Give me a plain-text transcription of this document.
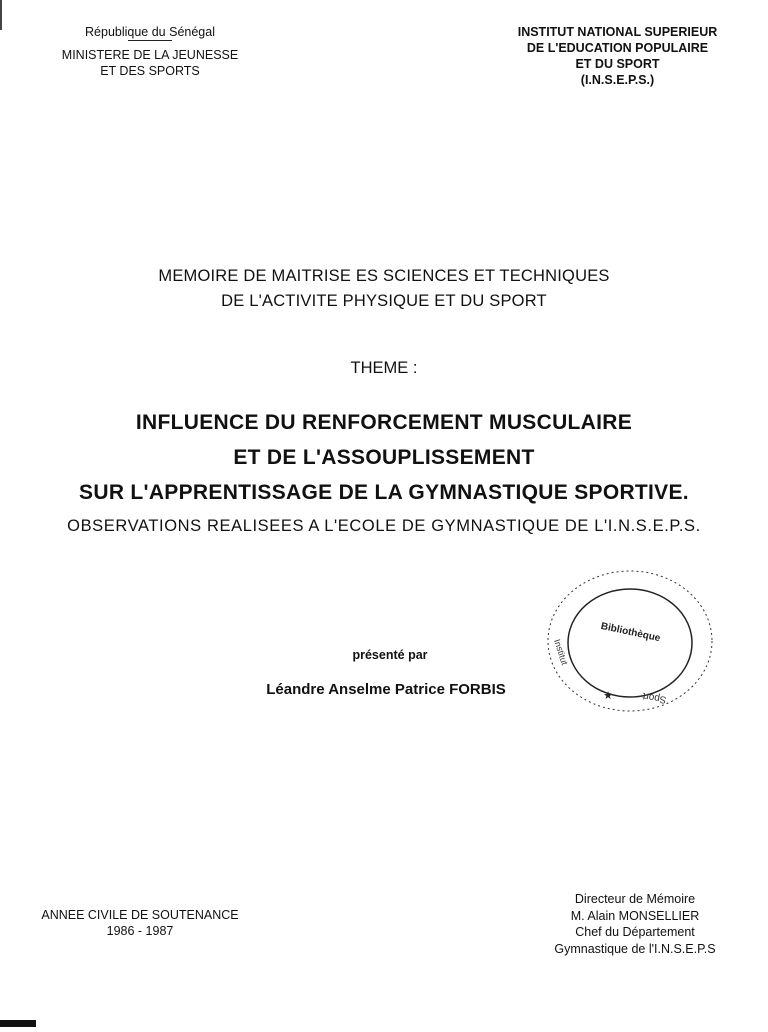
République du Sénégal
MINISTERE DE LA JEUNESSE
ET DES SPORTS
INSTITUT NATIONAL SUPERIEUR
DE L'EDUCATION POPULAIRE
ET DU SPORT
(I.N.S.E.P.S.)
MEMOIRE DE MAITRISE ES SCIENCES ET TECHNIQUES
DE L'ACTIVITE PHYSIQUE ET DU SPORT
THEME :
INFLUENCE DU RENFORCEMENT MUSCULAIRE
ET DE L'ASSOUPLISSEMENT
SUR L'APPRENTISSAGE DE LA GYMNASTIQUE SPORTIVE.
OBSERVATIONS REALISEES A L'ECOLE DE GYMNASTIQUE DE L'I.N.S.E.P.S.
présenté par
Léandre Anselme Patrice FORBIS
Bibliothèque
Institut
Sport
★
ANNEE CIVILE DE SOUTENANCE
1986 - 1987
Directeur de Mémoire
M. Alain MONSELLIER
Chef du Département
Gymnastique de l'I.N.S.E.P.S
